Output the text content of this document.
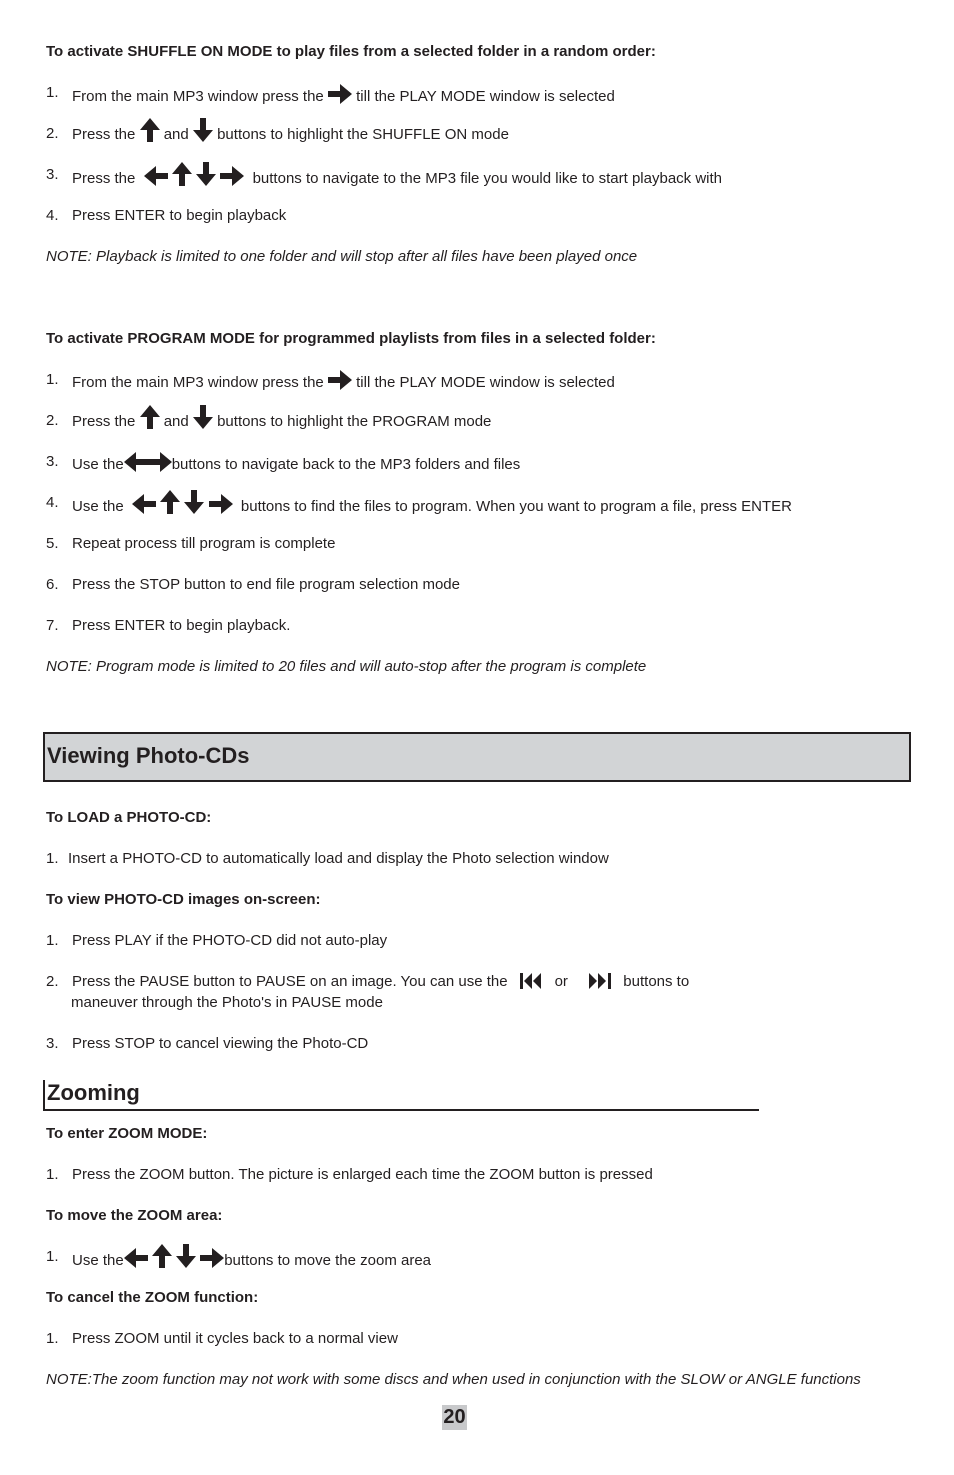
To activate SHUFFLE ON MODE to play files from a selected folder in a random order:
1. From the main MP3 window press the till the PLAY MODE window is selected
2. Press the and buttons to highlight the SHUFFLE ON mode
3. Press the

	buttons to navigate to the MP3 file you would like to start playback with
4. Press ENTER to begin playback
NOTE: Playback is limited to one folder and will stop after all files have been played once
To activate PROGRAM MODE for programmed playlists from files in a selected folder:
1. From the main MP3 window press the till the PLAY MODE window is selected
2. Press the and buttons to highlight the PROGRAM mode
3. Use the	buttons to navigate back to the MP3 folders and files
4. Use the

	buttons to find the files to program. When you want to program a file, press ENTER
5. Repeat process till program is complete
6. Press the STOP button to end file program selection mode
7. Press ENTER to begin playback.
NOTE: Program mode is limited to 20 files and will auto-stop after the program is complete
Viewing Photo-CDs
To LOAD a PHOTO-CD:
1. Insert a PHOTO-CD to automatically load and display the Photo selection window
To view PHOTO-CD images on-screen:
1. Press PLAY if the PHOTO-CD did not auto-play
2. Press the PAUSE button to PAUSE on an image. You can use the	or	buttons to
maneuver through the Photo's in PAUSE mode
3. Press STOP to cancel viewing the Photo-CD
Zooming
To enter ZOOM MODE:
1. Press the ZOOM button. The picture is enlarged each time the ZOOM button is pressed
To move the ZOOM area:
1. Use the

	buttons to move the zoom area
To cancel the ZOOM function:
1. Press ZOOM until it cycles back to a normal view
NOTE:The zoom function may not work with some discs and when used in conjunction with the SLOW or ANGLE functions
20
